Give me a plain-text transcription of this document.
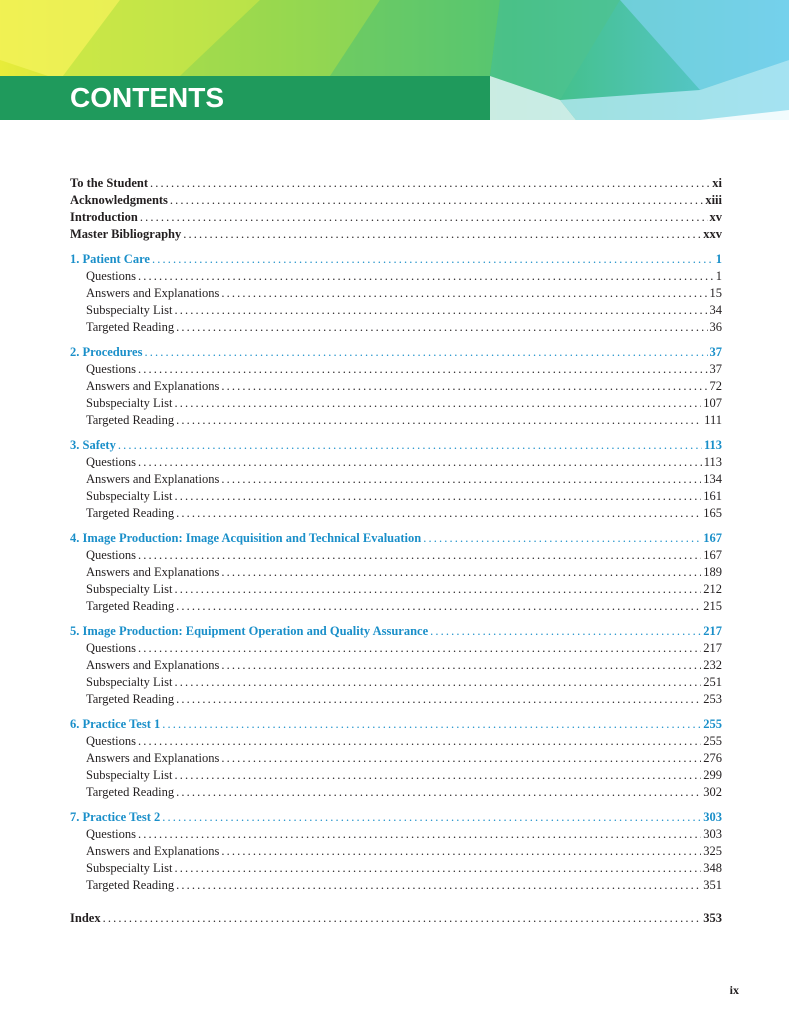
CONTENTS
To the Student . . .	xi
Acknowledgments . . .	xiii
Introduction . . .	xv
Master Bibliography . . .	xxv
1. Patient Care . . .	1
Questions . . .	1
Answers and Explanations . . .	15
Subspecialty List . . .	34
Targeted Reading . . .	36
2. Procedures . . .	37
Questions . . .	37
Answers and Explanations . . .	72
Subspecialty List . . .	107
Targeted Reading . . .	111
3. Safety . . .	113
Questions . . .	113
Answers and Explanations . . .	134
Subspecialty List . . .	161
Targeted Reading . . .	165
4. Image Production: Image Acquisition and Technical Evaluation . . .	167
Questions . . .	167
Answers and Explanations . . .	189
Subspecialty List . . .	212
Targeted Reading . . .	215
5. Image Production: Equipment Operation and Quality Assurance . . .	217
Questions . . .	217
Answers and Explanations . . .	232
Subspecialty List . . .	251
Targeted Reading . . .	253
6. Practice Test 1 . . .	255
Questions . . .	255
Answers and Explanations . . .	276
Subspecialty List . . .	299
Targeted Reading . . .	302
7. Practice Test 2 . . .	303
Questions . . .	303
Answers and Explanations . . .	325
Subspecialty List . . .	348
Targeted Reading . . .	351
Index . . .	353
ix
